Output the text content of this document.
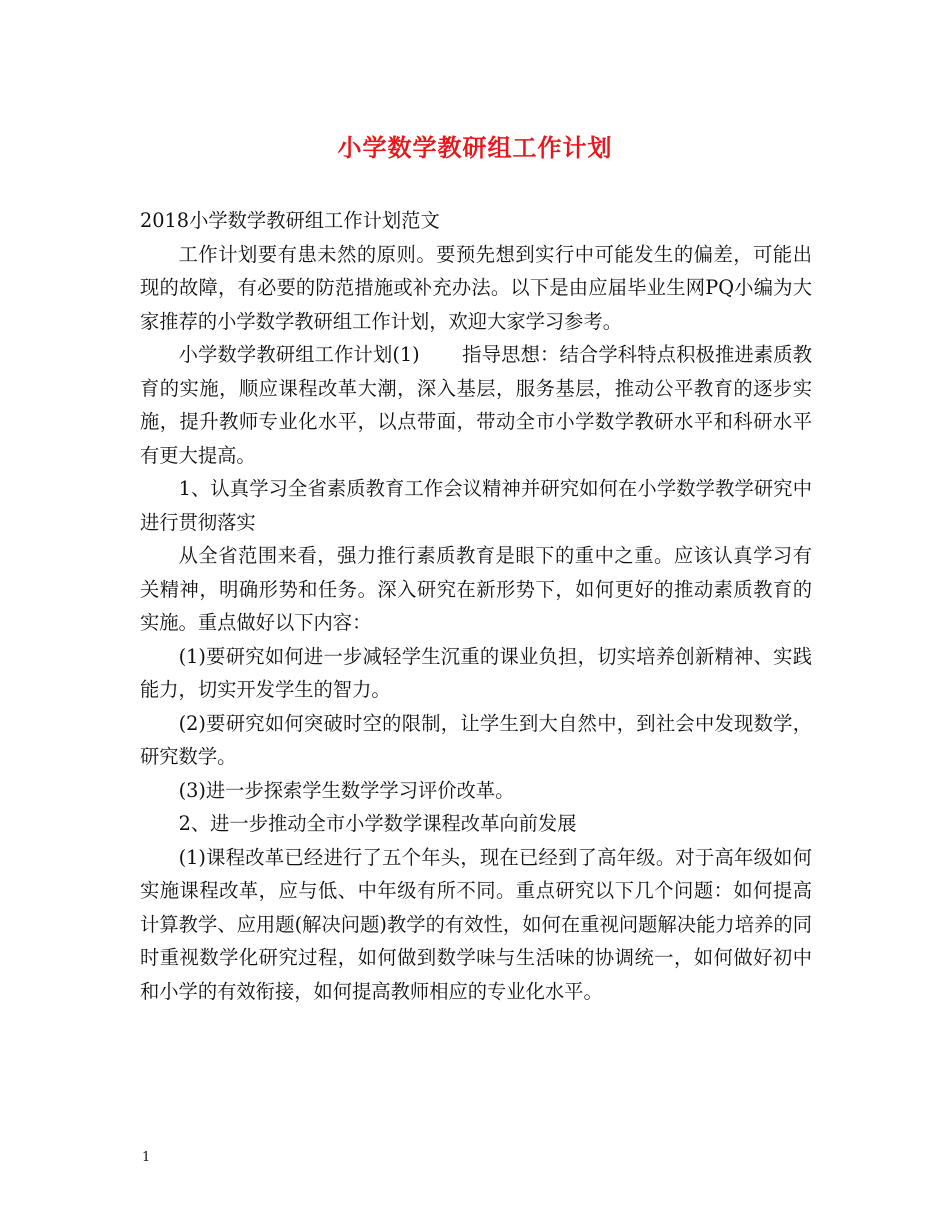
小学数学教研组工作计划

2018小学数学教研组工作计划范文

工作计划要有患未然的原则。要预先想到实行中可能发生的偏差，可能出现的故障，有必要的防范措施或补充办法。以下是由应届毕业生网PQ小编为大家推荐的小学数学教研组工作计划，欢迎大家学习参考。

小学数学教研组工作计划(1) 指导思想：结合学科特点积极推进素质教育的实施，顺应课程改革大潮，深入基层，服务基层，推动公平教育的逐步实施，提升教师专业化水平，以点带面，带动全市小学数学教研水平和科研水平有更大提高。

1、认真学习全省素质教育工作会议精神并研究如何在小学数学教学研究中进行贯彻落实

从全省范围来看，强力推行素质教育是眼下的重中之重。应该认真学习有关精神，明确形势和任务。深入研究在新形势下，如何更好的推动素质教育的实施。重点做好以下内容：

(1)要研究如何进一步减轻学生沉重的课业负担，切实培养创新精神、实践能力，切实开发学生的智力。

(2)要研究如何突破时空的限制，让学生到大自然中，到社会中发现数学，研究数学。

(3)进一步探索学生数学学习评价改革。

2、进一步推动全市小学数学课程改革向前发展

(1)课程改革已经进行了五个年头，现在已经到了高年级。对于高年级如何实施课程改革，应与低、中年级有所不同。重点研究以下几个问题：如何提高计算教学、应用题(解决问题)教学的有效性，如何在重视问题解决能力培养的同时重视数学化研究过程，如何做到数学味与生活味的协调统一，如何做好初中和小学的有效衔接，如何提高教师相应的专业化水平。

1
